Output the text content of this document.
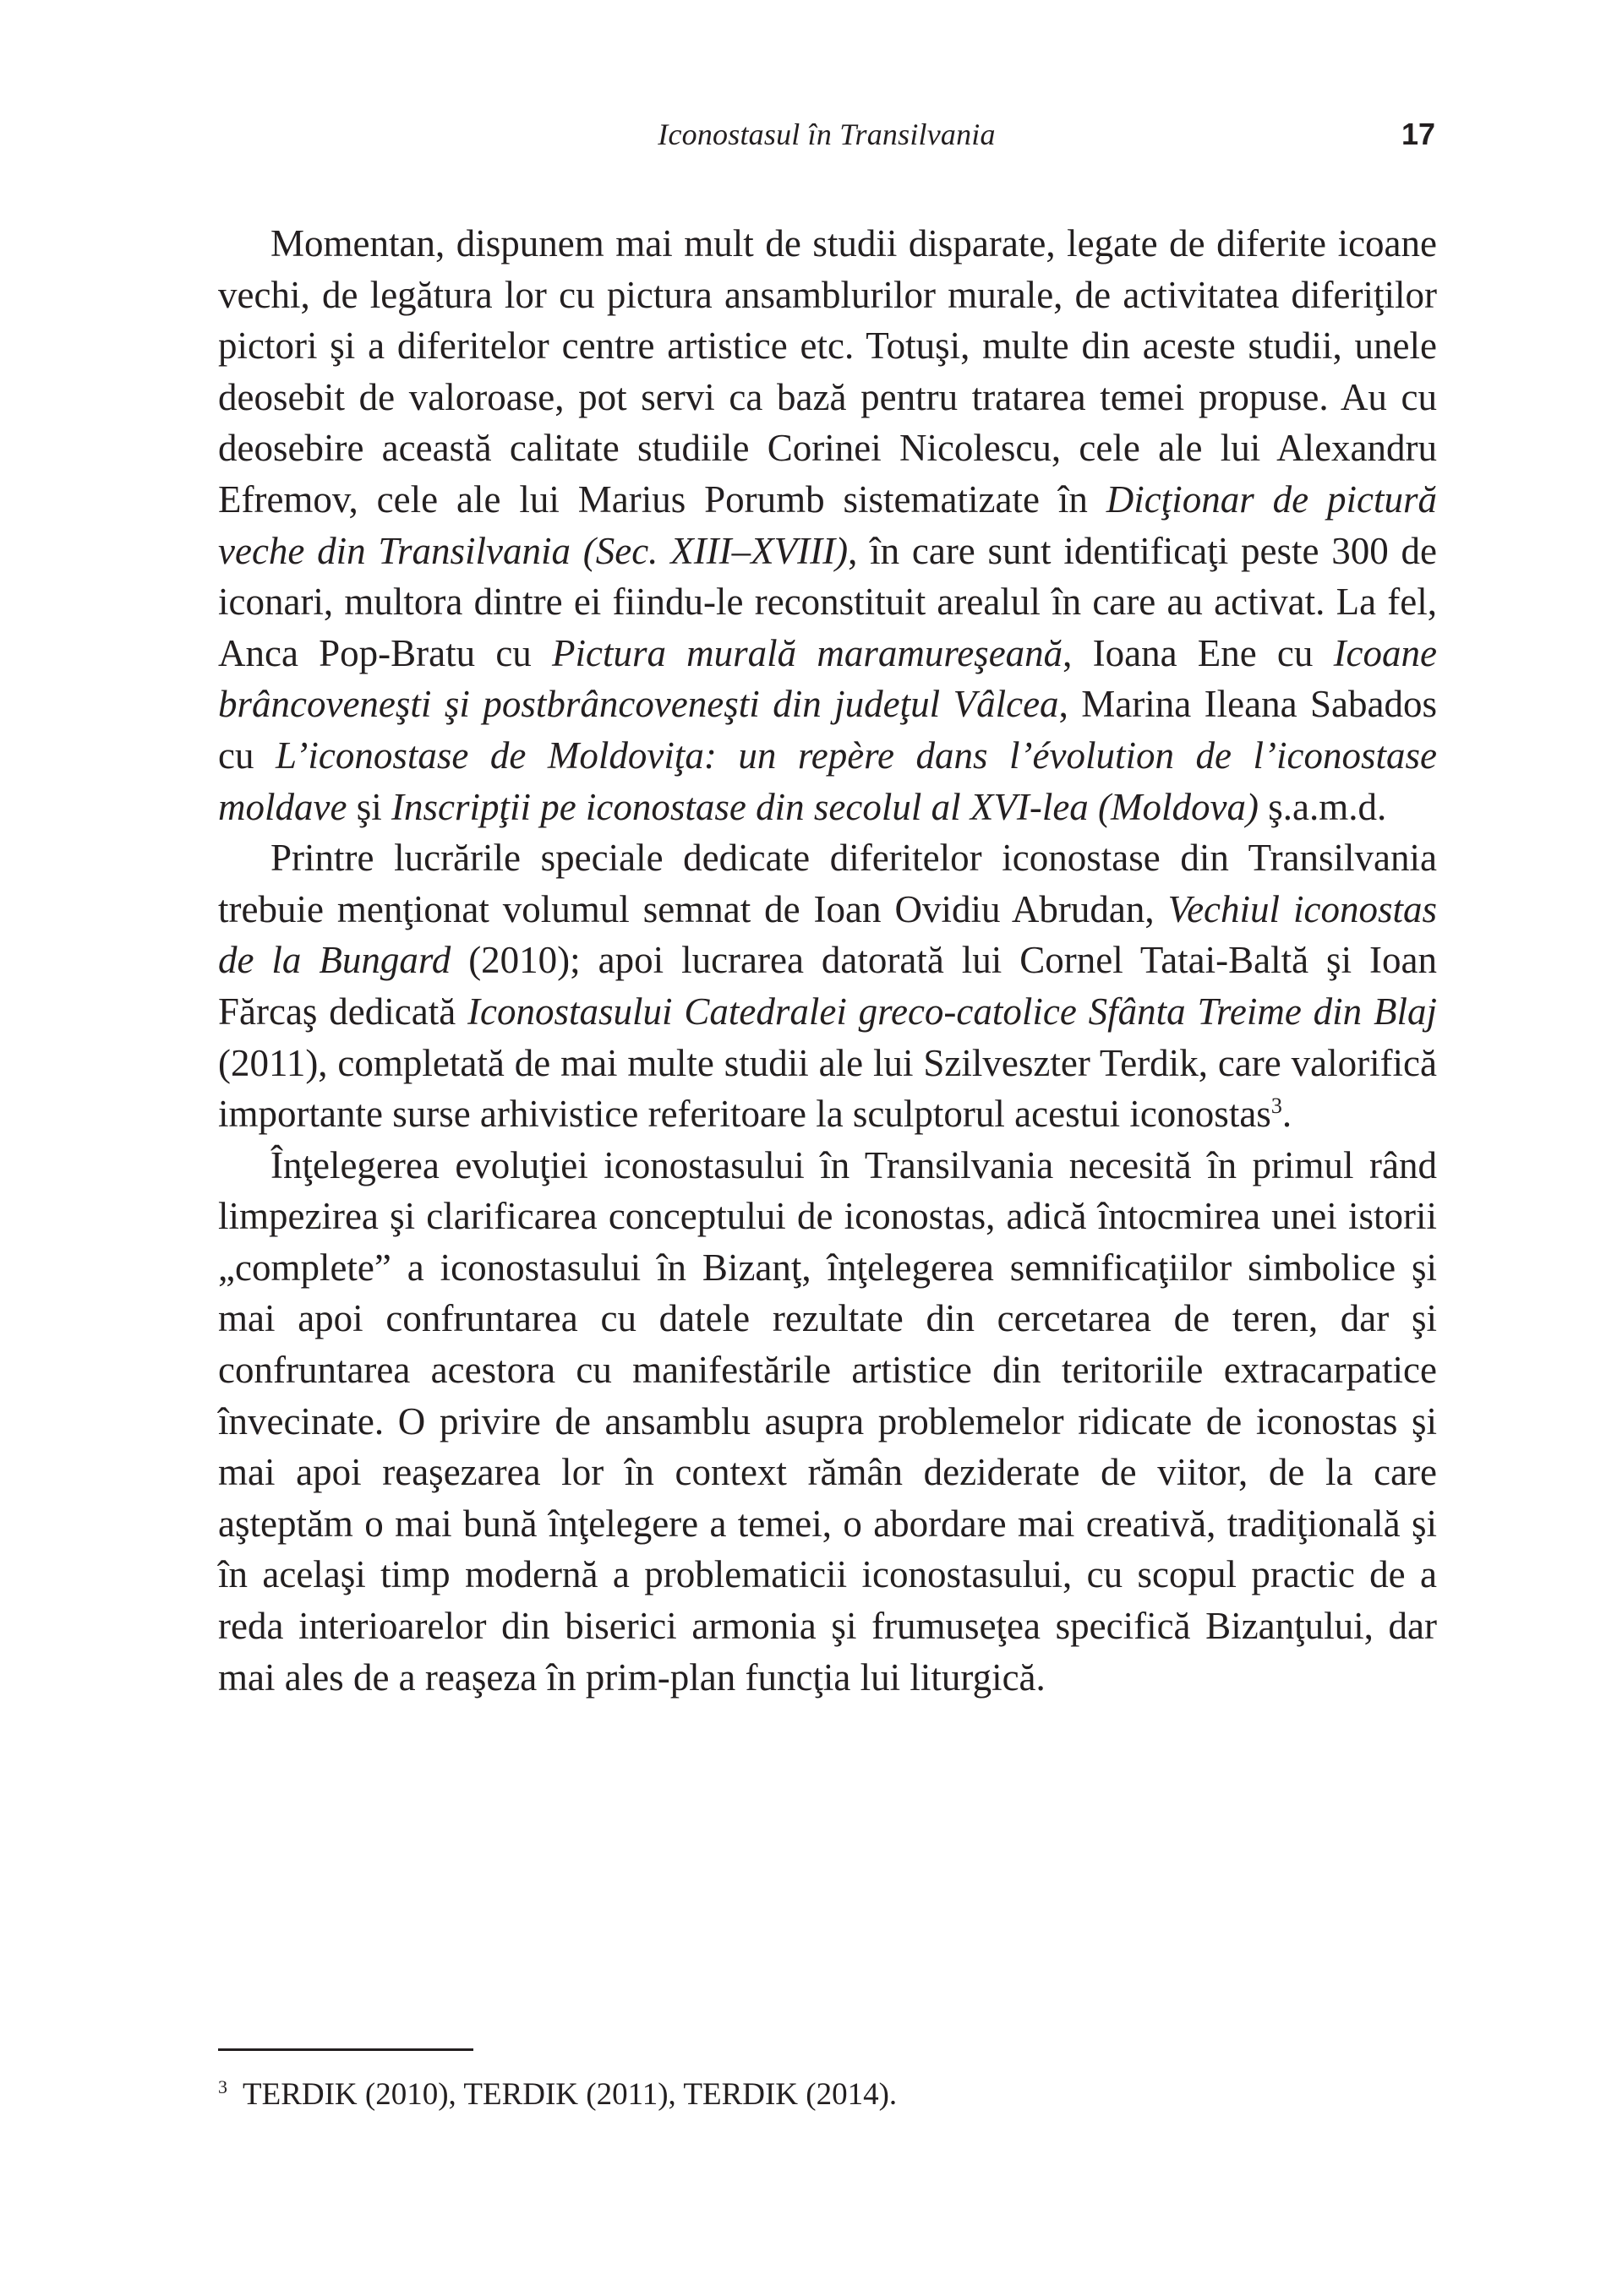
Iconostasul în Transilvania	17

Momentan, dispunem mai mult de studii disparate, legate de diferite icoane vechi, de legătura lor cu pictura ansamblurilor murale, de activitatea diferiţilor pictori şi a diferitelor centre artistice etc. Totuşi, multe din aceste studii, unele deosebit de valoroase, pot servi ca bază pentru tratarea temei propuse. Au cu deosebire această calitate studiile Corinei Nicolescu, cele ale lui Alexandru Efremov, cele ale lui Marius Porumb sistematizate în Dicţionar de pictură veche din Transilvania (Sec. XIII–XVIII), în care sunt identificaţi peste 300 de iconari, multora dintre ei fiindu-le reconstituit arealul în care au activat. La fel, Anca Pop-Bratu cu Pictura murală maramureşeană, Ioana Ene cu Icoane brâncoveneşti şi postbrâncoveneşti din judeţul Vâlcea, Marina Ileana Sabados cu L’iconostase de Moldoviţa: un repère dans l’évolution de l’iconostase moldave şi Inscripţii pe iconostase din secolul al XVI-lea (Moldova) ş.a.m.d.

Printre lucrările speciale dedicate diferitelor iconostase din Transilvania trebuie menţionat volumul semnat de Ioan Ovidiu Abrudan, Vechiul iconostas de la Bungard (2010); apoi lucrarea datorată lui Cornel Tatai-Baltă şi Ioan Fărcaş dedicată Iconostasului Catedralei greco-catolice Sfânta Treime din Blaj (2011), completată de mai multe studii ale lui Szilveszter Terdik, care valorifică importante surse arhivistice referitoare la sculptorul acestui iconostas$^3$.

Înţelegerea evoluţiei iconostasului în Transilvania necesită în primul rând limpezirea şi clarificarea conceptului de iconostas, adică întocmirea unei istorii „complete” a iconostasului în Bizanţ, înţelegerea semnificaţiilor simbolice şi mai apoi confruntarea cu datele rezultate din cercetarea de teren, dar şi confruntarea acestora cu manifestările artistice din teritoriile extracarpatice învecinate. O privire de ansamblu asupra problemelor ridicate de iconostas şi mai apoi reaşezarea lor în context rămân deziderate de viitor, de la care aşteptăm o mai bună înţelegere a temei, o abordare mai creativă, tradiţională şi în acelaşi timp modernă a problematicii iconostasului, cu scopul practic de a reda interioarelor din biserici armonia şi frumuseţea specifică Bizanţului, dar mai ales de a reaşeza în prim-plan funcţia lui liturgică.

$^3$ TERDIK (2010), TERDIK (2011), TERDIK (2014).
